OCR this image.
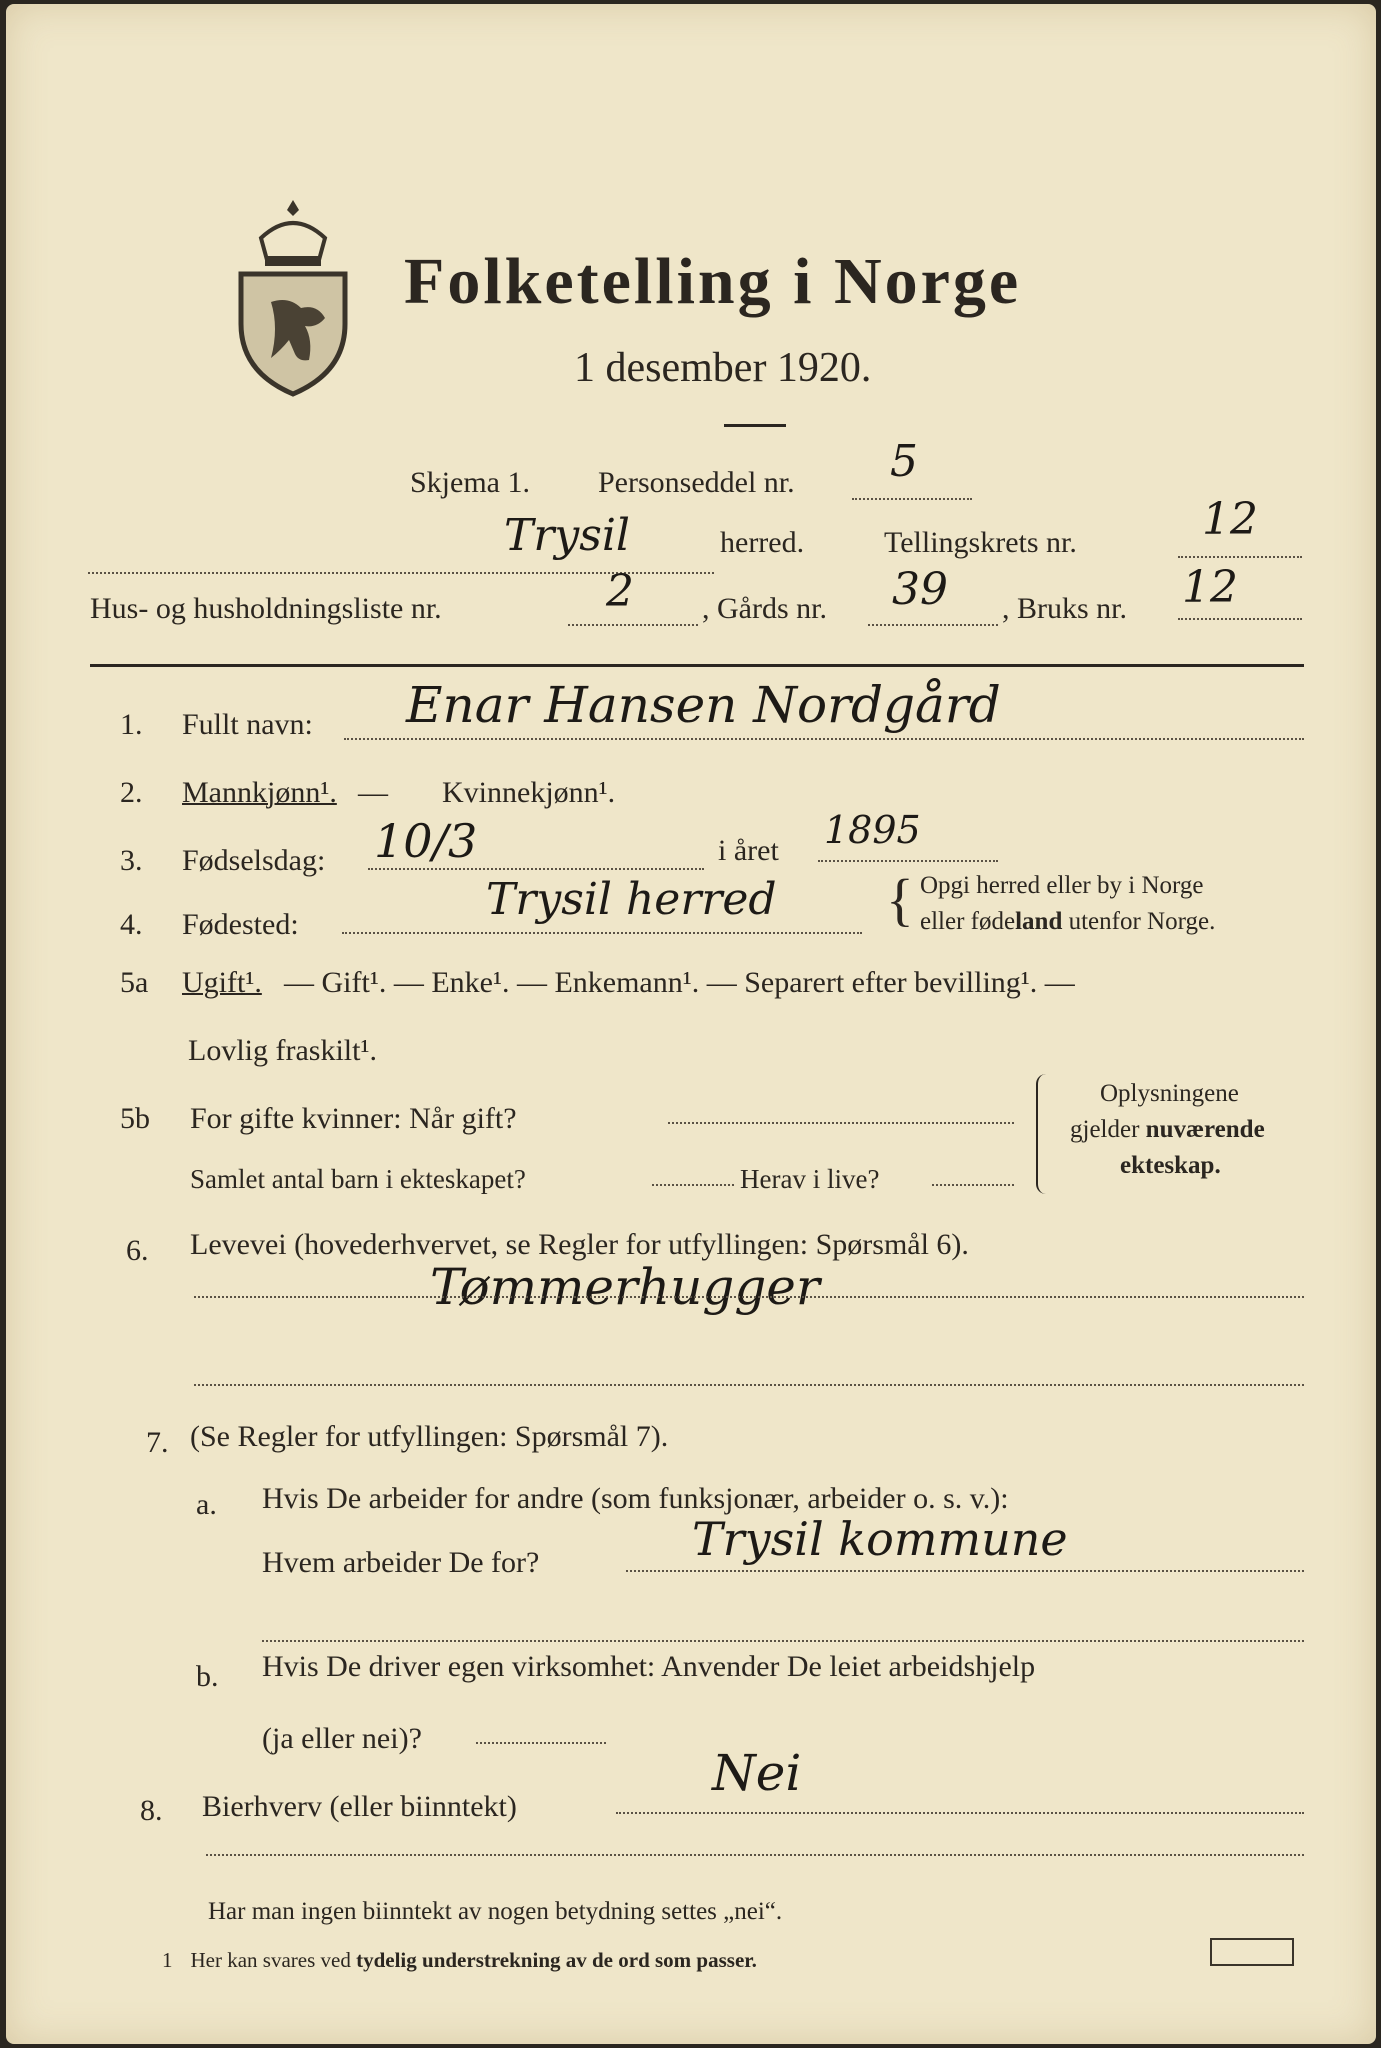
Folketelling i Norge
1 desember 1920.
Skjema 1. Personseddel nr. 5
Trysil	herred.	Tellingskrets nr.	12
Hus- og husholdningsliste nr.	2 , Gårds nr. 39 , Bruks nr. 12
1. Fullt navn: Enar Hansen Nordgård
2. Mannkjønn¹. — Kvinnekjønn¹.
3. Fødselsdag: 10/3	i året 1895
4. Fødested:	Trysil herred { Opgi herred eller by i Norge
eller fødeland utenfor Norge.
5a Ugift¹. — Gift¹. — Enke¹. — Enkemann¹. — Separert efter bevilling¹. —
Lovlig fraskilt¹.
5b For gifte kvinner: Når gift?
Samlet antal barn i ekteskapet?	Herav i live?
Oplysningene
gjelder nuværende
ekteskap.
6. Levevei (hovederhvervet, se Regler for utfyllingen: Spørsmål 6).
Tømmerhugger
7. (Se Regler for utfyllingen: Spørsmål 7).
a. Hvis De arbeider for andre (som funksjonær, arbeider o. s. v.):
Hvem arbeider De for?	Trysil kommune
b. Hvis De driver egen virksomhet: Anvender De leiet arbeidshjelp
(ja eller nei)?
8. Bierhverv (eller biinntekt)
Nei
Har man ingen biinntekt av nogen betydning settes „nei“.
1 Her kan svares ved tydelig understrekning av de ord som passer.
